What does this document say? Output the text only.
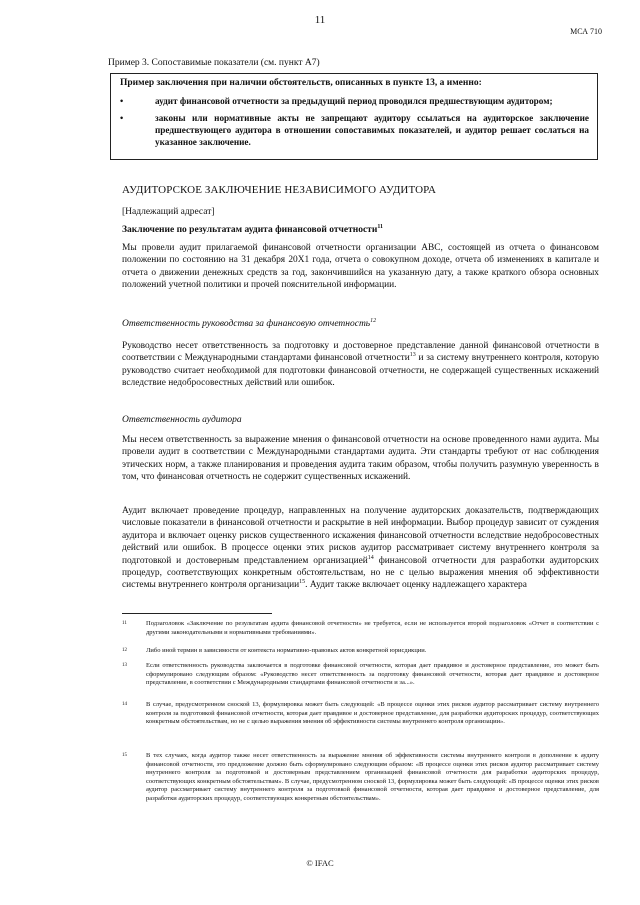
11
МСА 710
Пример 3. Сопоставимые показатели (см. пункт А7)
Пример заключения при наличии обстоятельств, описанных в пункте 13, а именно:
•	аудит финансовой отчетности за предыдущий период проводился предшествующим аудитором;
•	законы или нормативные акты не запрещают аудитору ссылаться на аудиторское заключение предшествующего аудитора в отношении сопоставимых показателей, и аудитор решает сослаться на указанное заключение.
АУДИТОРСКОЕ ЗАКЛЮЧЕНИЕ НЕЗАВИСИМОГО АУДИТОРА
[Надлежащий адресат]
Заключение по результатам аудита финансовой отчетности$^{11}$

Мы провели аудит прилагаемой финансовой отчетности организации ABC, состоящей из отчета о финансовом положении по состоянию на 31 декабря 20X1 года, отчета о совокупном доходе, отчета об изменениях в капитале и отчета о движении денежных средств за год, закончившийся на указанную дату, а также краткого обзора основных положений учетной политики и прочей пояснительной информации.

Ответственность руководства за финансовую отчетность$^{12}$

Руководство несет ответственность за подготовку и достоверное представление данной финансовой отчетности в соответствии с Международными стандартами финансовой отчетности$^{13}$ и за систему внутреннего контроля, которую руководство считает необходимой для подготовки финансовой отчетности, не содержащей существенных искажений вследствие недобросовестных действий или ошибок.

Ответственность аудитора

Мы несем ответственность за выражение мнения о финансовой отчетности на основе проведенного нами аудита. Мы провели аудит в соответствии с Международными стандартами аудита. Эти стандарты требуют от нас соблюдения этических норм, а также планирования и проведения аудита таким образом, чтобы получить разумную уверенность в том, что финансовая отчетность не содержит существенных искажений.

Аудит включает проведение процедур, направленных на получение аудиторских доказательств, подтверждающих числовые показатели в финансовой отчетности и раскрытие в ней информации. Выбор процедур зависит от суждения аудитора и включает оценку рисков существенного искажения финансовой отчетности вследствие недобросовестных действий или ошибок. В процессе оценки этих рисков аудитор рассматривает систему внутреннего контроля за подготовкой и достоверным представлением организацией$^{14}$ финансовой отчетности для разработки аудиторских процедур, соответствующих конкретным обстоятельствам, но не с целью выражения мнения об эффективности системы внутреннего контроля организации$^{15}$. Аудит также включает оценку надлежащего характера

11	Подзаголовок «Заключение по результатам аудита финансовой отчетности» не требуется, если не используется второй подзаголовок «Отчет в соответствии с другими законодательными и нормативными требованиями».
12	Либо иной термин в зависимости от контекста нормативно-правовых актов конкретной юрисдикции.
13	Если ответственность руководства заключается в подготовке финансовой отчетности, которая дает правдивое и достоверное представление, это может быть сформулировано следующим образом: «Руководство несет ответственность за подготовку финансовой отчетности, которая дает правдивое и достоверное представление, в соответствии с Международными стандартами финансовой отчетности и за...».
14	В случае, предусмотренном сноской 13, формулировка может быть следующей: «В процессе оценки этих рисков аудитор рассматривает систему внутреннего контроля за подготовкой финансовой отчетности, которая дает правдивое и достоверное представление, для разработки аудиторских процедур, соответствующих конкретным обстоятельствам, но не с целью выражения мнения об эффективности системы внутреннего контроля организации».
15	В тех случаях, когда аудитор также несет ответственность за выражение мнения об эффективности системы внутреннего контроля в дополнение к аудиту финансовой отчетности, это предложение должно быть сформулировано следующим образом: «В процессе оценки этих рисков аудитор рассматривает систему внутреннего контроля за подготовкой и достоверным представлением организацией финансовой отчетности для разработки аудиторских процедур, соответствующих конкретным обстоятельствам». В случае, предусмотренном сноской 13, формулировка может быть следующей: «В процессе оценки этих рисков аудитор рассматривает систему внутреннего контроля за подготовкой финансовой отчетности, которая дает правдивое и достоверное представление, для разработки аудиторских процедур, соответствующих конкретным обстоятельствам».
© IFAC
